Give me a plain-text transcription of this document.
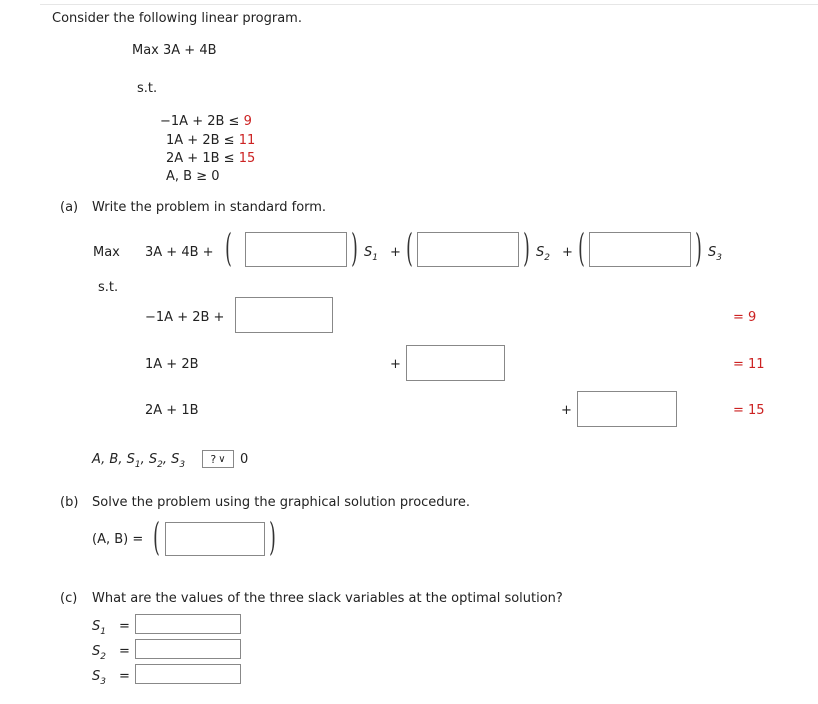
Consider the following linear program.
Max 3A + 4B
s.t.
−1A + 2B ≤ 9
1A + 2B ≤ 11
2A + 1B ≤ 15
A, B ≥ 0
(a) Write the problem in standard form.
Max 3A + 4B + (	) $S_1$ + (	) $S_2$ + (	) $S_3$
s.t.
−1A + 2B +	= 9
1A + 2B	+	= 11
2A + 1B	+	= 15
A, B, $S_1$, $S_2$, $S_3$ ? ∨ 0
(b) Solve the problem using the graphical solution procedure.
(A, B) = (	)
(c) What are the values of the three slack variables at the optimal solution?
$S_1$ =
$S_2$ =
$S_3$ =
